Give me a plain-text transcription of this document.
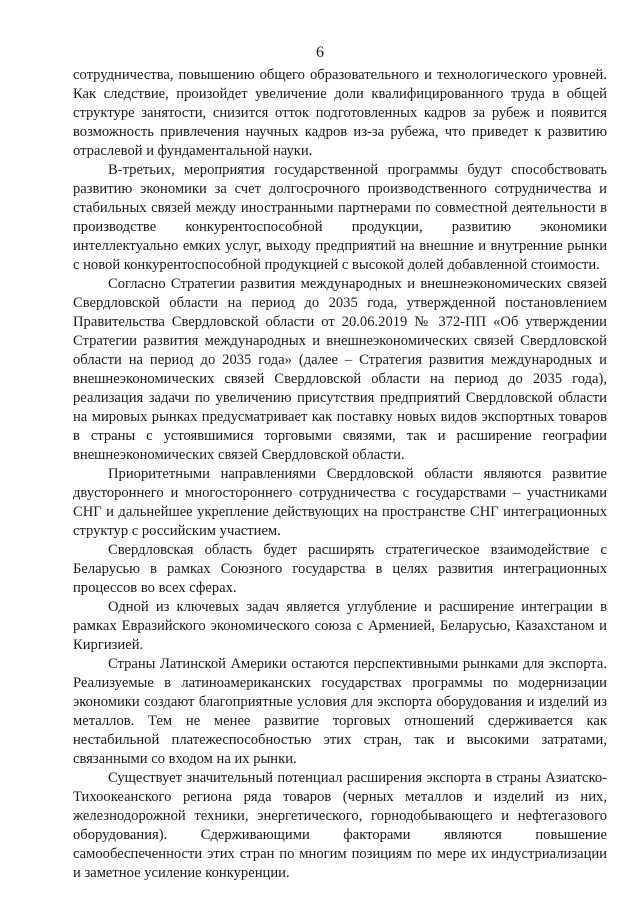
6

сотрудничества, повышению общего образовательного и технологического уровней. Как следствие, произойдет увеличение доли квалифицированного труда в общей структуре занятости, снизится отток подготовленных кадров за рубеж и появится возможность привлечения научных кадров из-за рубежа, что приведет к развитию отраслевой и фундаментальной науки.

В-третьих, мероприятия государственной программы будут способствовать развитию экономики за счет долгосрочного производственного сотрудничества и стабильных связей между иностранными партнерами по совместной деятельности в производстве конкурентоспособной продукции, развитию экономики интеллектуально емких услуг, выходу предприятий на внешние и внутренние рынки с новой конкурентоспособной продукцией с высокой долей добавленной стоимости.

Согласно Стратегии развития международных и внешнеэкономических связей Свердловской области на период до 2035 года, утвержденной постановлением Правительства Свердловской области от 20.06.2019 № 372-ПП «Об утверждении Стратегии развития международных и внешнеэкономических связей Свердловской области на период до 2035 года» (далее – Стратегия развития международных и внешнеэкономических связей Свердловской области на период до 2035 года), реализация задачи по увеличению присутствия предприятий Свердловской области на мировых рынках предусматривает как поставку новых видов экспортных товаров в страны с устоявшимися торговыми связями, так и расширение географии внешнеэкономических связей Свердловской области.

Приоритетными направлениями Свердловской области являются развитие двустороннего и многостороннего сотрудничества с государствами – участниками СНГ и дальнейшее укрепление действующих на пространстве СНГ интеграционных структур с российским участием.

Свердловская область будет расширять стратегическое взаимодействие с Беларусью в рамках Союзного государства в целях развития интеграционных процессов во всех сферах.

Одной из ключевых задач является углубление и расширение интеграции в рамках Евразийского экономического союза с Арменией, Беларусью, Казахстаном и Киргизией.

Страны Латинской Америки остаются перспективными рынками для экспорта. Реализуемые в латиноамериканских государствах программы по модернизации экономики создают благоприятные условия для экспорта оборудования и изделий из металлов. Тем не менее развитие торговых отношений сдерживается как нестабильной платежеспособностью этих стран, так и высокими затратами, связанными со входом на их рынки.

Существует значительный потенциал расширения экспорта в страны Азиатско-Тихоокеанского региона ряда товаров (черных металлов и изделий из них, железнодорожной техники, энергетического, горнодобывающего и нефтегазового оборудования). Сдерживающими факторами являются повышение самообеспеченности этих стран по многим позициям по мере их индустриализации и заметное усиление конкуренции.
